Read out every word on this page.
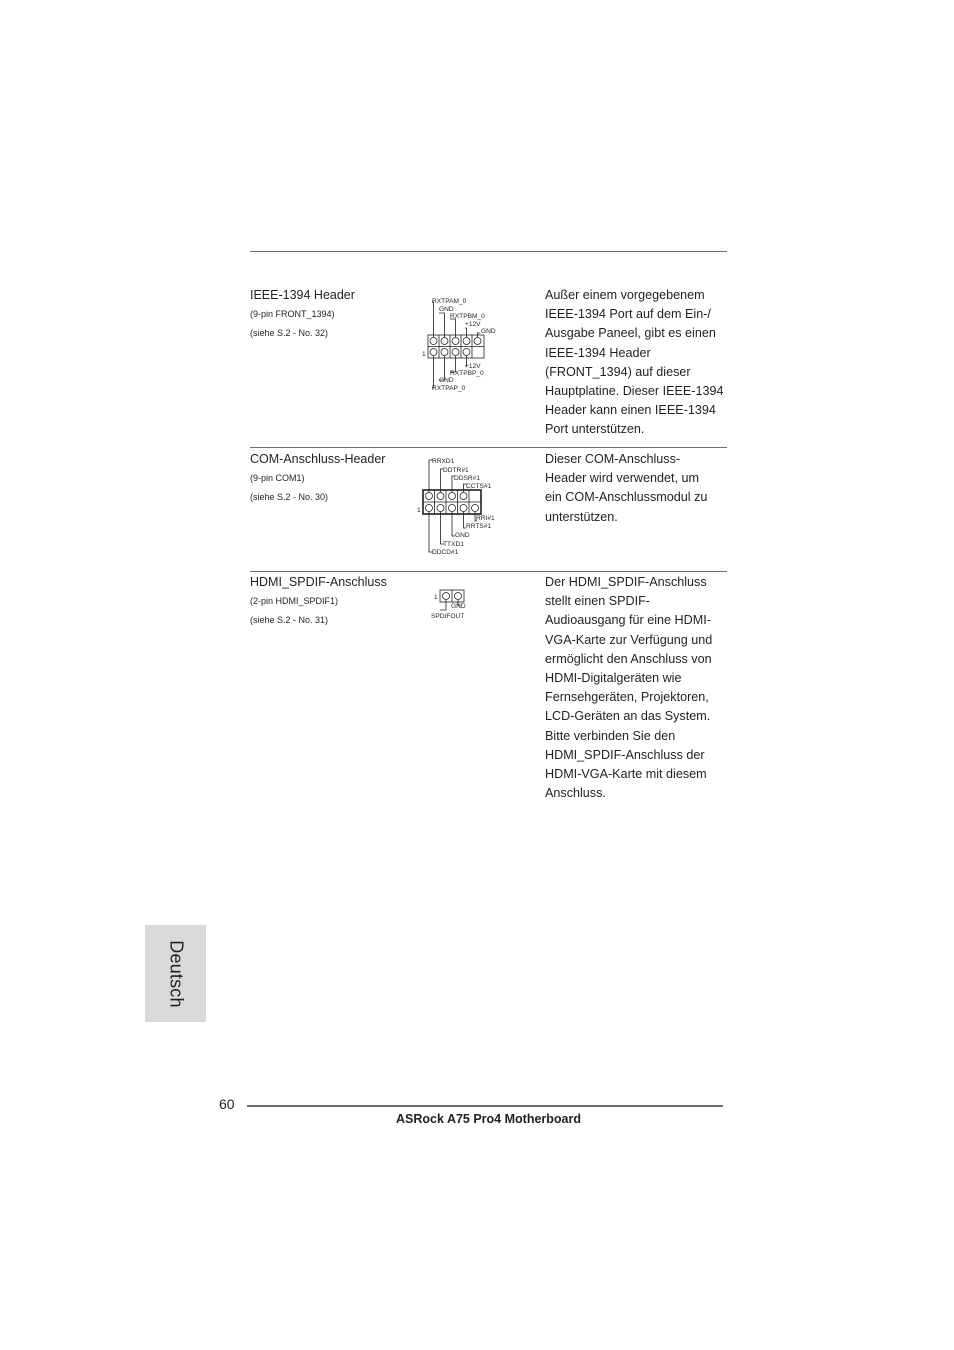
IEEE-1394 Header
(9-pin FRONT_1394)
(siehe S.2 - No. 32)
1
RXTPAM_0
GND
RXTPBM_0
+12V
GND
+12V
RXTPBP_0
GND
RXTPAP_0
Außer einem vorgegebenem
IEEE-1394 Port auf dem Ein-/
Ausgabe Paneel, gibt es einen
IEEE-1394 Header
(FRONT_1394) auf dieser
Hauptplatine. Dieser IEEE-1394
Header kann einen IEEE-1394
Port unterstützen.
COM-Anschluss-Header
(9-pin COM1)
(siehe S.2 - No. 30)
1
RRXD1
DDTR#1
DDSR#1
CCTS#1
RRI#1
RRTS#1
GND
TTXD1
DDCD#1
Dieser COM-Anschluss-
Header wird verwendet, um
ein COM-Anschlussmodul zu
unterstützen.
HDMI_SPDIF-Anschluss
(2-pin HDMI_SPDIF1)
(siehe S.2 - No. 31)
1
GND
SPDIFOUT
Der HDMI_SPDIF-Anschluss
stellt einen SPDIF-
Audioausgang für eine HDMI-
VGA-Karte zur Verfügung und
ermöglicht den Anschluss von
HDMI-Digitalgeräten wie
Fernsehgeräten, Projektoren,
LCD-Geräten an das System.
Bitte verbinden Sie den
HDMI_SPDIF-Anschluss der
HDMI-VGA-Karte mit diesem
Anschluss.
Deutsch
60
ASRock A75 Pro4 Motherboard
